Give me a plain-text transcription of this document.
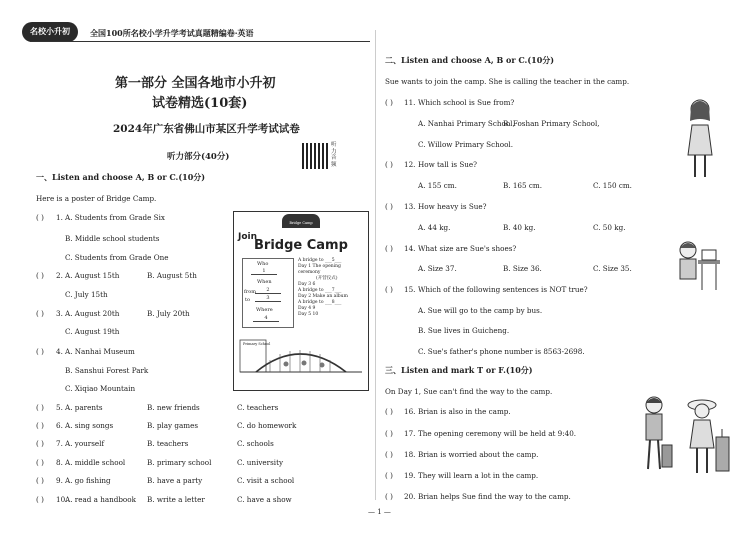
名校小升初	全国100所名校小学升学考试真题精编卷·英语
第一部分 全国各地市小升初
试卷精选(10套)
2024年广东省佛山市某区升学考试试卷
听力部分(40分)
听力音频
一、Listen and choose A, B or C.(10分)
Here is a poster of Bridge Camp.
Bridge Camp
Join
Bridge Camp
Who
1
When
from	2
to	3
Where
4
A bridge to ___5___
Day 1 The opening ceremony
(开营仪式)
Day 3 6
A bridge to ___7___
Day 2 Make an album
A bridge to ___8___
Day 4 9
Day 5 10
Primary School
二、Listen and choose A, B or C.(10分)
Sue wants to join the camp. She is calling the teacher in the camp.
三、Listen and mark T or F.(10分)
On Day 1, Sue can't find the way to the camp.
— 1 —
( ) 1. A. Students from Grade Six
B. Middle school students
C. Students from Grade One
( ) 2. A. August 15th	B. August 5th
C. July 15th
( ) 3. A. August 20th	B. July 20th
C. August 19th
( ) 4. A. Nanhai Museum
B. Sanshui Forest Park
C. Xiqiao Mountain
( ) 5. A. parents	B. new friends	C. teachers
( ) 6. A. sing songs	B. play games	C. do homework
( ) 7. A. yourself	B. teachers	C. schools
( ) 8. A. middle school	B. primary school	C. university
( ) 9. A. go fishing	B. have a party	C. visit a school
( ) 10.
A. read a handbook B. write a letter	C. have a show
( ) 11. Which school is Sue from?
A. Nanhai Primary School,
B. Foshan Primary School,
C. Willow Primary School.
( ) 12. How tall is Sue?
A. 155 cm.	B. 165 cm.	C. 150 cm.
( ) 13. How heavy is Sue?
A. 44 kg.	B. 40 kg.	C. 50 kg.
( ) 14. What size are Sue's shoes?
A. Size 37.	B. Size 36.	C. Size 35.
( ) 15. Which of the following sentences is NOT true?
A. Sue will go to the camp by bus.
B. Sue lives in Guicheng.
C. Sue's father's phone number is 8563-2698.
( ) 16. Brian is also in the camp.
( ) 17. The opening ceremony will be held at 9:40.
( ) 18. Brian is worried about the camp.
( ) 19. They will learn a lot in the camp.
( ) 20. Brian helps Sue find the way to the camp.
